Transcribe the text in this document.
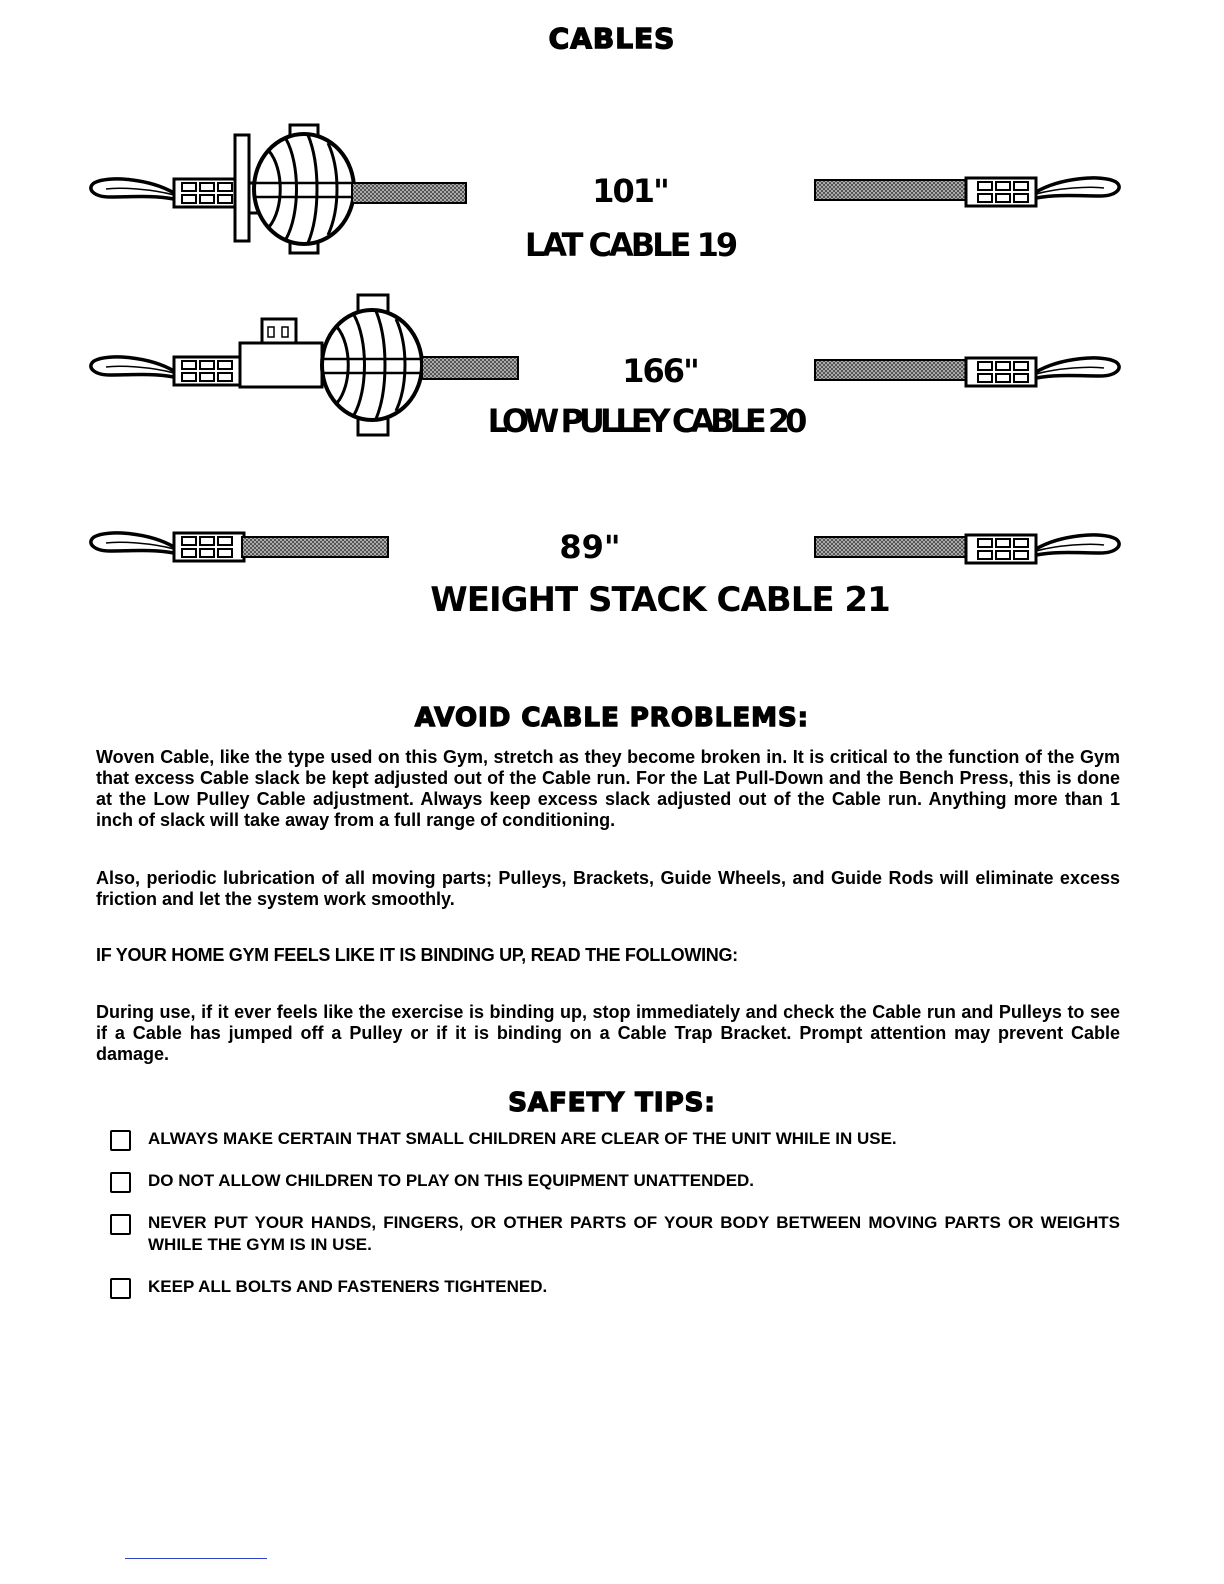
CABLES
101"
LAT CABLE 19
166"
LOW PULLEY CABLE 20
89"
WEIGHT STACK CABLE 21
AVOID CABLE PROBLEMS:
Woven Cable, like the type used on this Gym, stretch as they become broken in. It is critical to the function of the Gym that excess Cable slack be kept adjusted out of the Cable run. For the Lat Pull-Down and the Bench Press, this is done at the Low Pulley Cable adjustment. Always keep excess slack adjusted out of the Cable run. Anything more than 1 inch of slack will take away from a full range of conditioning.
Also, periodic lubrication of all moving parts; Pulleys, Brackets, Guide Wheels, and Guide Rods will eliminate excess friction and let the system work smoothly.
IF YOUR HOME GYM FEELS LIKE IT IS BINDING UP, READ THE FOLLOWING:
During use, if it ever feels like the exercise is binding up, stop immediately and check the Cable run and Pulleys to see if a Cable has jumped off a Pulley or if it is binding on a Cable Trap Bracket. Prompt attention may prevent Cable damage.
SAFETY TIPS:
ALWAYS MAKE CERTAIN THAT SMALL CHILDREN ARE CLEAR OF THE UNIT WHILE IN USE.
DO NOT ALLOW CHILDREN TO PLAY ON THIS EQUIPMENT UNATTENDED.
NEVER PUT YOUR HANDS, FINGERS, OR OTHER PARTS OF YOUR BODY BETWEEN MOVING PARTS OR WEIGHTS WHILE THE GYM IS IN USE.
KEEP ALL BOLTS AND FASTENERS TIGHTENED.
